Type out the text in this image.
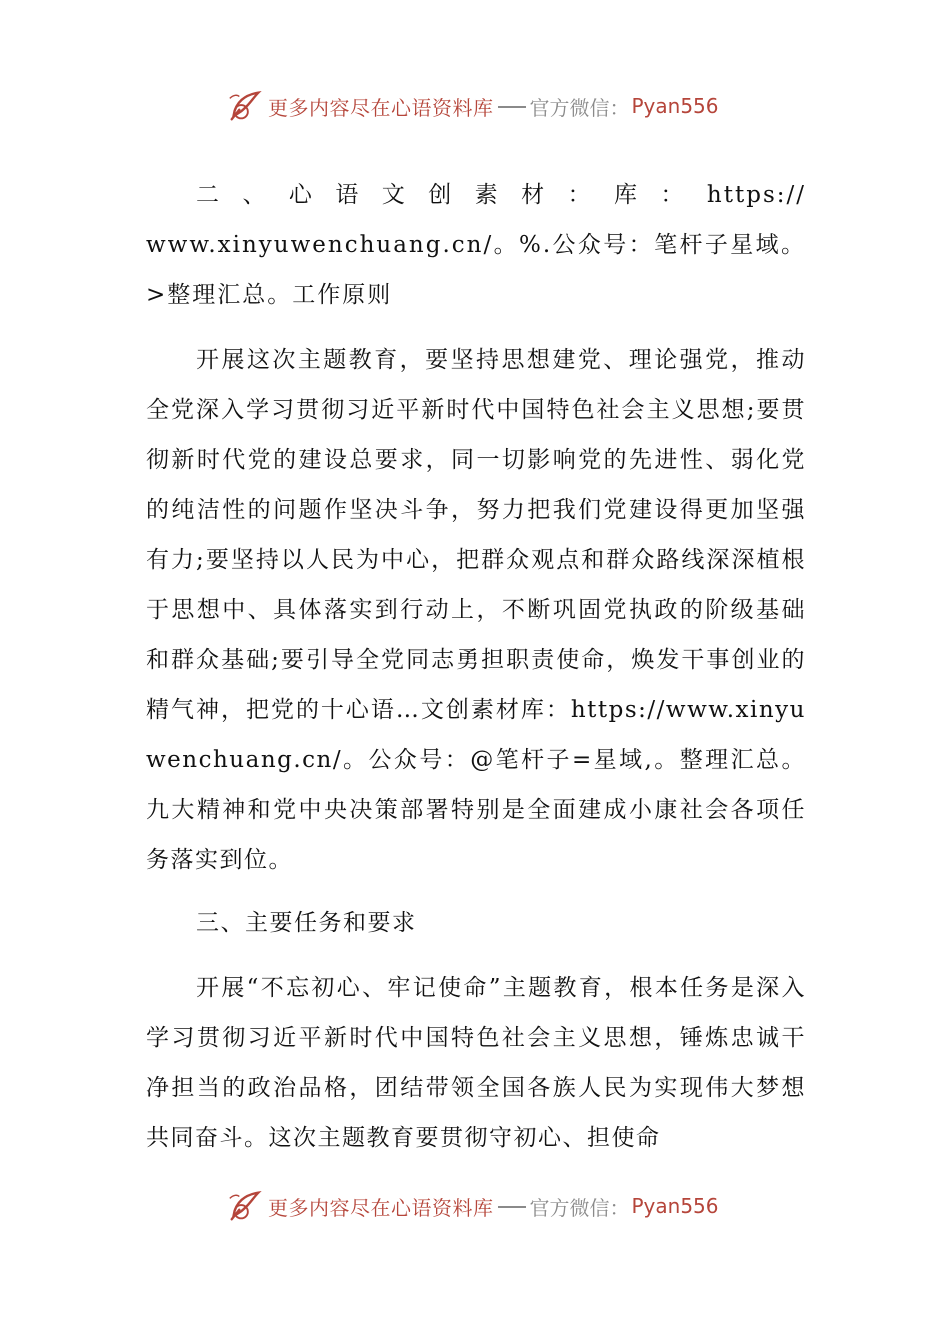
更多内容尽在心语资料库 官方微信： Pyan556

二、心语文创素材：库：https://www.xinyuwenchuang.cn/。%.公众号：笔杆子星域。>整理汇总。工作原则

开展这次主题教育，要坚持思想建党、理论强党，推动全党深入学习贯彻习近平新时代中国特色社会主义思想;要贯彻新时代党的建设总要求，同一切影响党的先进性、弱化党的纯洁性的问题作坚决斗争，努力把我们党建设得更加坚强有力;要坚持以人民为中心，把群众观点和群众路线深深植根于思想中、具体落实到行动上，不断巩固党执政的阶级基础和群众基础;要引导全党同志勇担职责使命，焕发干事创业的精气神，把党的十心语…文创素材库：https://www.xinyuwenchuang.cn/。公众号：@笔杆子=星域,。整理汇总。九大精神和党中央决策部署特别是全面建成小康社会各项任务落实到位。

三、主要任务和要求

开展“不忘初心、牢记使命”主题教育，根本任务是深入学习贯彻习近平新时代中国特色社会主义思想，锤炼忠诚干净担当的政治品格，团结带领全国各族人民为实现伟大梦想共同奋斗。这次主题教育要贯彻守初心、担使命

更多内容尽在心语资料库 官方微信： Pyan556
